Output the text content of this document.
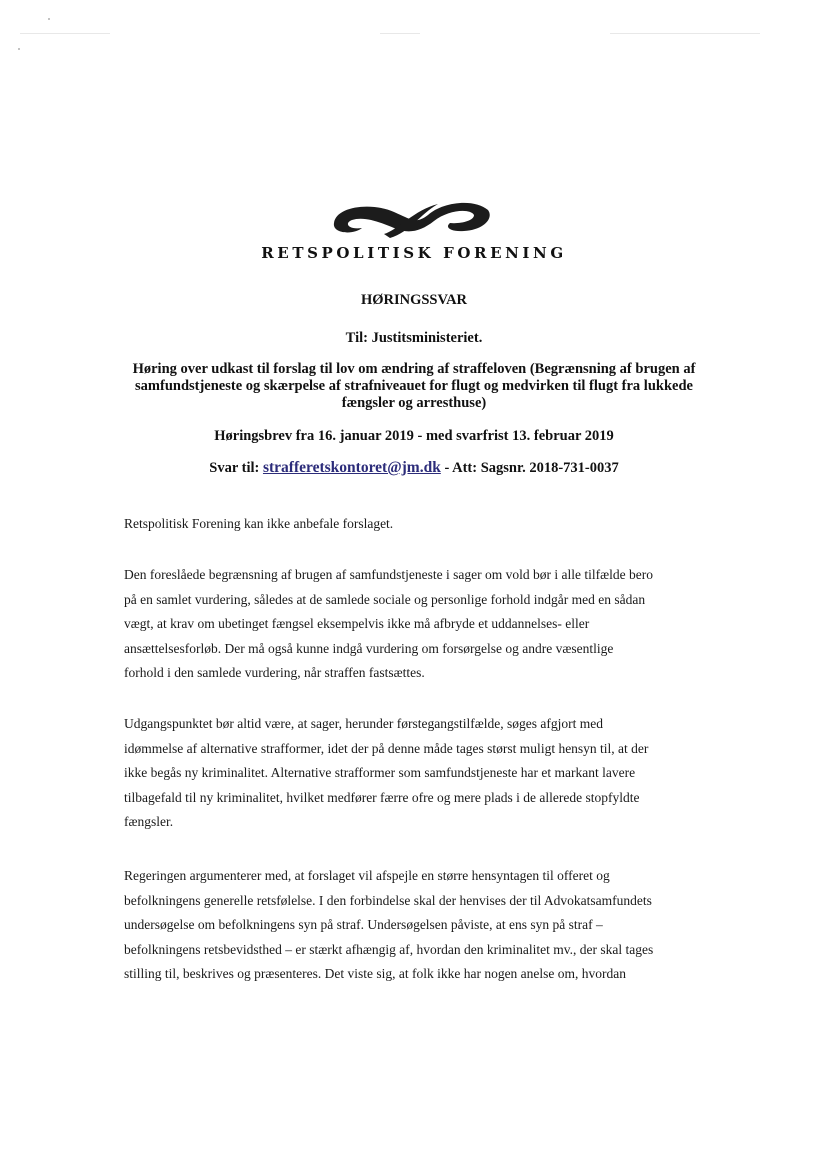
RETSPOLITISK FORENING
HØRINGSSVAR
Til: Justitsministeriet.
Høring over udkast til forslag til lov om ændring af straffeloven (Begrænsning af brugen af
samfundstjeneste og skærpelse af strafniveauet for flugt og medvirken til flugt fra lukkede
fængsler og arresthuse)
Høringsbrev fra 16. januar 2019 - med svarfrist 13. februar 2019
Svar til: strafferetskontoret@jm.dk - Att: Sagsnr. 2018-731-0037
Retspolitisk Forening kan ikke anbefale forslaget.
Den foreslåede begrænsning af brugen af samfundstjeneste i sager om vold bør i alle tilfælde bero
på en samlet vurdering, således at de samlede sociale og personlige forhold indgår med en sådan
vægt, at krav om ubetinget fængsel eksempelvis ikke må afbryde et uddannelses- eller
ansættelsesforløb. Der må også kunne indgå vurdering om forsørgelse og andre væsentlige
forhold i den samlede vurdering, når straffen fastsættes.
Udgangspunktet bør altid være, at sager, herunder førstegangstilfælde, søges afgjort med
idømmelse af alternative strafformer, idet der på denne måde tages størst muligt hensyn til, at der
ikke begås ny kriminalitet. Alternative strafformer som samfundstjeneste har et markant lavere
tilbagefald til ny kriminalitet, hvilket medfører færre ofre og mere plads i de allerede stopfyldte
fængsler.
Regeringen argumenterer med, at forslaget vil afspejle en større hensyntagen til offeret og
befolkningens generelle retsfølelse. I den forbindelse skal der henvises der til Advokatsamfundets
undersøgelse om befolkningens syn på straf. Undersøgelsen påviste, at ens syn på straf –
befolkningens retsbevidsthed – er stærkt afhængig af, hvordan den kriminalitet mv., der skal tages
stilling til, beskrives og præsenteres. Det viste sig, at folk ikke har nogen anelse om, hvordan
